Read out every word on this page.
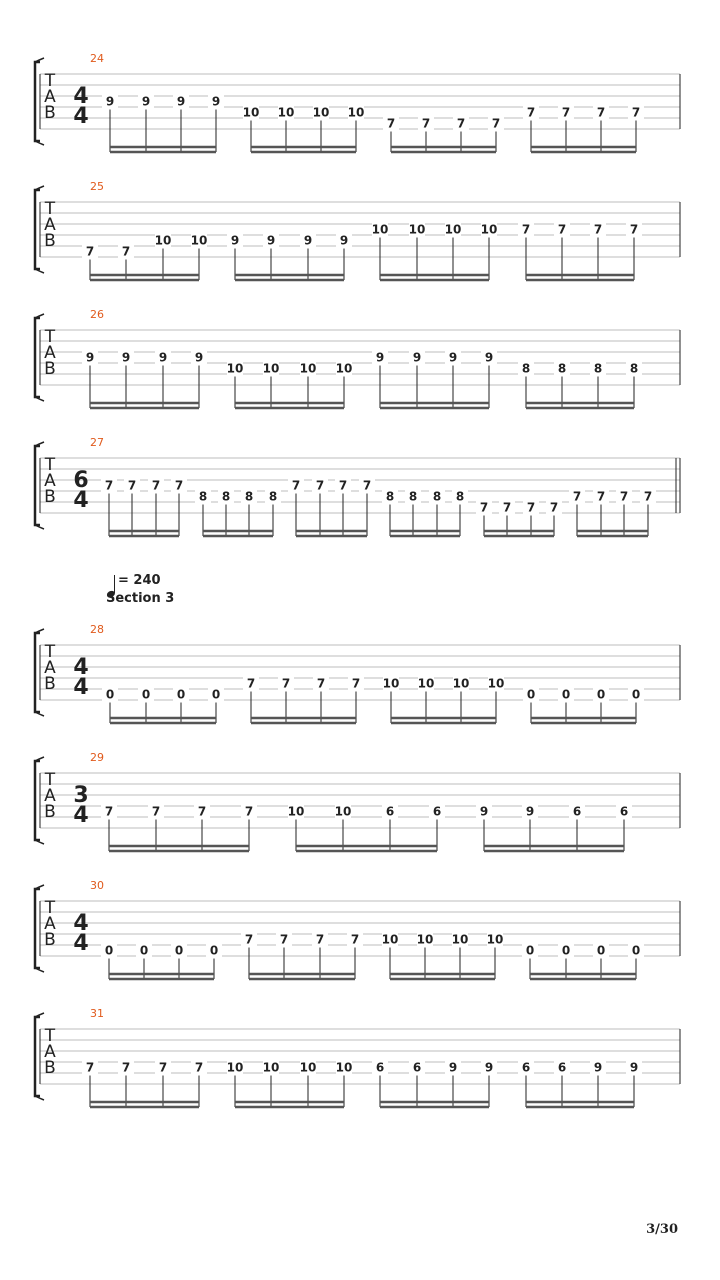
T
A
B
24
4
4
9 9 9 9
10 10 10 10
7 7 7 7
7 7 7 7
T
A
B
25
7 7
10 10 9 9 9 9
10 10 10 10 7 7 7 7
T
A
B
26
9 9 9 9
10 10 10 10
9 9 9 9
8 8 8 8
T
A
B
27
6
4
7 7 7 7
8 8 8 8
7 7 7 7
8 8 8 8
7 7 7 7
7 7 7 7
T
A
B
28
4
4 0 0 0 0
7 7 7 7 10 10 10 10
0 0 0 0
T
A
B
29
3
4 7	7	7	7	10	10	6	6	9	9	6	6
T
A
B
30
4
4 0 0 0 0
7 7 7 7 10 10 10 10
0 0 0 0
T
A
B
31
7 7 7 7 10 10 10 10 6 6 9 9 6 6 9 9
= 240
Section 3
3/30
